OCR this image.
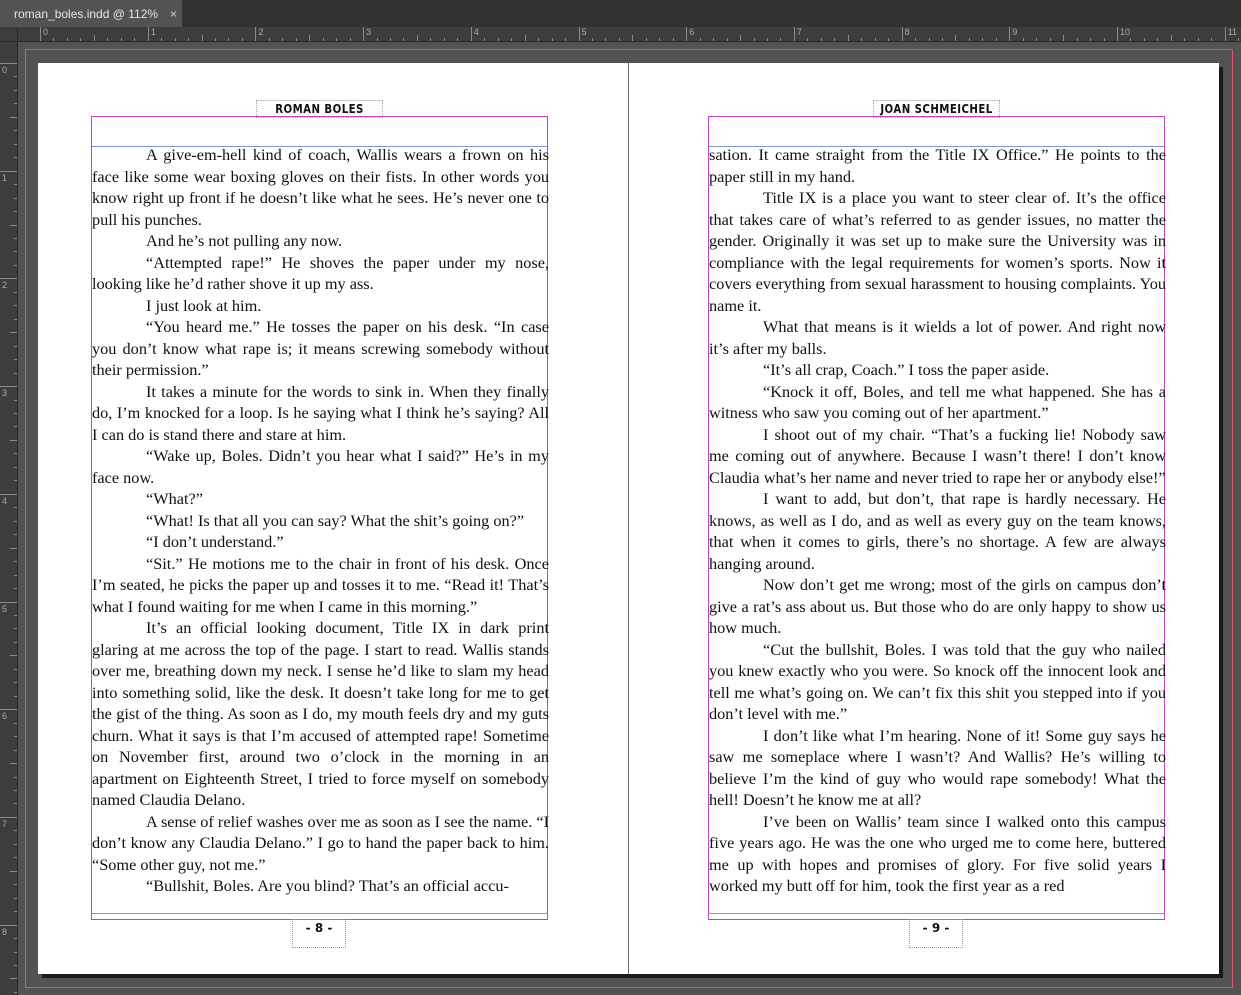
roman_boles.indd @ 112% ×
0	1	2	3	4	5	6	7	8	9	10	11
0
1
2
3
4
5
6
7
8
ROMAN BOLES	JOAN SCHMEICHEL

A give-em-hell kind of coach, Wallis wears a frown on his face like some wear boxing gloves on their fists. In other words you know right up front if he doesn’t like what he sees. He’s never one to pull his punches.

And he’s not pulling any now.

“Attempted rape!” He shoves the paper under my nose, looking like he’d rather shove it up my ass.

I just look at him.

“You heard me.” He tosses the paper on his desk. “In case you don’t know what rape is; it means screwing somebody without their permission.”

It takes a minute for the words to sink in. When they finally do, I’m knocked for a loop. Is he saying what I think he’s saying? All I can do is stand there and stare at him.

“Wake up, Boles. Didn’t you hear what I said?” He’s in my face now.

“What?”

“What! Is that all you can say? What the shit’s going on?”

“I don’t understand.”

“Sit.” He motions me to the chair in front of his desk. Once I’m seated, he picks the paper up and tosses it to me. “Read it! That’s what I found waiting for me when I came in this morning.”

It’s an official looking document, Title IX in dark print glaring at me across the top of the page. I start to read. Wallis stands over me, breathing down my neck. I sense he’d like to slam my head into something solid, like the desk. It doesn’t take long for me to get the gist of the thing. As soon as I do, my mouth feels dry and my guts churn. What it says is that I’m accused of attempted rape! Sometime on November first, around two o’clock in the morning in an apartment on Eighteenth Street, I tried to force myself on somebody named Claudia Delano.

A sense of relief washes over me as soon as I see the name. “I don’t know any Claudia Delano.” I go to hand the paper back to him. “Some other guy, not me.”

“Bullshit, Boles. Are you blind? That’s an official accu-

sation. It came straight from the Title IX Office.” He points to the paper still in my hand.

Title IX is a place you want to steer clear of. It’s the office that takes care of what’s referred to as gender issues, no matter the gender. Originally it was set up to make sure the University was in compliance with the legal requirements for women’s sports. Now it covers everything from sexual harassment to housing complaints. You name it.

What that means is it wields a lot of power. And right now it’s after my balls.

“It’s all crap, Coach.” I toss the paper aside.

“Knock it off, Boles, and tell me what happened. She has a witness who saw you coming out of her apartment.”

I shoot out of my chair. “That’s a fucking lie! Nobody saw me coming out of anywhere. Because I wasn’t there! I don’t know Claudia what’s her name and never tried to rape her or anybody else!”

I want to add, but don’t, that rape is hardly necessary. He knows, as well as I do, and as well as every guy on the team knows, that when it comes to girls, there’s no shortage. A few are always hanging around.

Now don’t get me wrong; most of the girls on campus don’t give a rat’s ass about us. But those who do are only happy to show us how much.

“Cut the bullshit, Boles. I was told that the guy who nailed you knew exactly who you were. So knock off the innocent look and tell me what’s going on. We can’t fix this shit you stepped into if you don’t level with me.”

I don’t like what I’m hearing. None of it! Some guy says he saw me someplace where I wasn’t? And Wallis? He’s willing to believe I’m the kind of guy who would rape somebody! What the hell! Doesn’t he know me at all?

I’ve been on Wallis’ team since I walked onto this campus five years ago. He was the one who urged me to come here, buttered me up with hopes and promises of glory. For five solid years I worked my butt off for him, took the first year as a red

- 8 -	- 9 -
